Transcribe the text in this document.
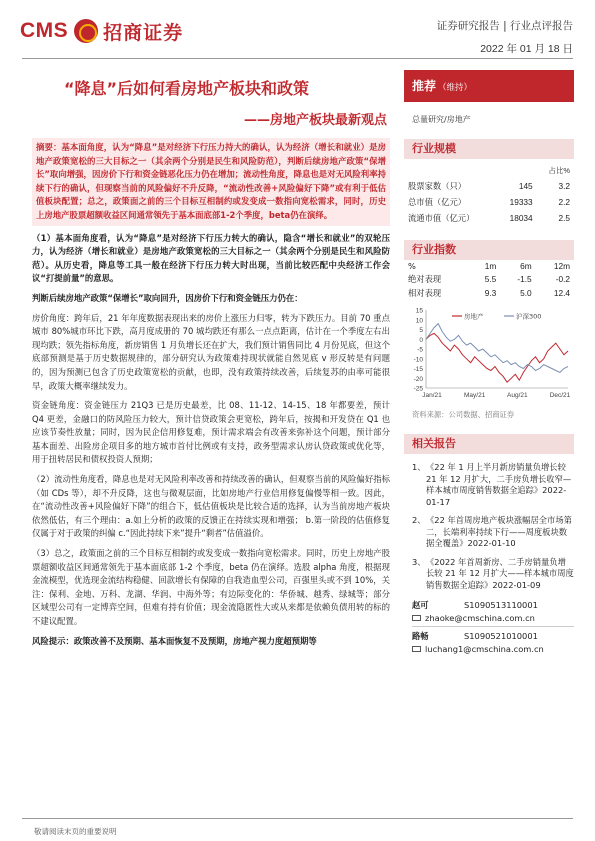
CMS 招商证券	证券研究报告 | 行业点评报告
2022 年 01 月 18 日
“降息”后如何看房地产板块和政策
——房地产板块最新观点
摘要：基本面角度，认为“降息”是对经济下行压力持大的确认，认为经济（增长和就业）是房地产政策宽松的三大目标之一（其余两个分别是民生和风险防范），判断后续房地产政策“保增长”取向增强，因房价下行和资金链恶化压力仍在增加；流动性角度，降息也是对无风险利率持续下行的确认，但现察当前的风险偏好不升反降，“流动性改善+风险偏好下降”或有利于低估值板块配置；总之，政策面之前的三个目标互相制约或发变成一数指向宽松需求，同时，历史上房地产股票超额收益区间通常领先于基本面底部1-2个季度，beta仍在演绎。

（1）基本面角度看，认为“降息”是对经济下行压力转大的确认，隐含“增长和就业”的双轮压力，认为经济（增长和就业）是房地产政策宽松的三大目标之一（其余两个分别是民生和风险防范）。从历史看，降息等工具一般在经济下行压力转大时出现，当前比较匹配中央经济工作会议“打提前量”的意思。

判断后续房地产政策“保增长”取向回升，因房价下行和资金链压力仍在：

房价角度：跨年后，21 年年度数据表现出来的房价上涨压力归零，转为下跌压力。目前 70 重点城市 80%城市环比下跌，高月度成册的 70 城均跌还有那么一点点距离，估计在一个季度左右出现均跌；领先指标角度，新房销售 1 月负增长还在扩大，我们预计销售同比 4 月份见底，但这个底部预测是基于历史数据规律的，部分研究认为政策难持现状就能自然见底 v 形反转是有问题的，因为预测已包含了历史政策宽松的贡献，也即，没有政策持续改善，后续复苏的由率可能很早，政策大概率继续发力。

资金链角度：资金链压力 21Q3 已是历史最差，比 08、11-12、14-15、18 年都要差，预计 Q4 更差，金融口的防风险压力较大，预计信贷政策会更宽松，跨年后，按揭和开发贷在 Q1 也应该节奏性放量；同时，因为民企信用修复难，预计需求端会有改善来弥补这个问题，预计部分基本面差、出险房企项目多的地方城市首付比例或有支持，政务型需求认房认贷政策或优化等，用于扭转居民和债权投资人预期；

（2）流动性角度看，降息也是对无风险利率改善和持续改善的确认，但观察当前的风险偏好指标（如 CDs 等），却不升反降，这也与微观层面，比如房地产行业信用修复偏慢等相一致。因此，在“流动性改善+风险偏好下降”的组合下，低估值板块是比较合适的选择，认为当前房地产板块依然低估，有三个理由：a.如上分析的政策的反馈正在持续实现和增强； b.第一阶段的估值修复仅属于对于政策的纠偏 c.“因此持续下来”提升“剩者”估值溢价。

（3）总之，政策面之前的三个目标互相制约或发变成一数指向宽松需求。同时，历史上房地产股票超额收益区间通常领先于基本面底部 1-2 个季度，beta 仍在演绎。选股 alpha 角度，根据现金流模型，优选现金流结构稳健、回款增长有保障的自我造血型公司，百强里头或不到 10%，关注：保利、金地、万科、龙湖、华润、中海外等；有边际变化的：华侨城、越秀、绿城等；部分区域型公司有一定博弈空间，但难有持有价值；现金流隐匿性大或从来都是依赖负债用转的标的不建议配置。

风险提示：政策改善不及预期、基本面恢复不及预期，房地产视力度超预期等

推荐 （维持）
总量研究/房地产
行业规模
		占比%
股票家数（只）	145	3.2
总市值（亿元）	19333	2.2
流通市值（亿元）	18034	2.5
行业指数
%	1m	6m	12m
绝对表现	5.5	-1.5	-0.2
相对表现	9.3	5.0	12.4
15
10
5
0
-5
-10
-15
-20
-25
Jan/21	May/21	Aug/21	Dec/21
房地产	沪深300
资料来源：公司数据、招商证券
相关报告
1、 《22 年 1 月上半月新房销量负增长较 21 年 12 月扩大，二手房负增长收窄—样本城市周度销售数据全追踪》2022-01-17
2、 《22 年首周房地产板块涨幅居全市场第二，长端利率持续下行——周度板块数据全覆盖》2022-01-10
3、 《2022 年首周新房、二手房销量负增长较 21 年 12 月扩大——样本城市周度销售数据全追踪》2022-01-09
赵可	S1090513110001
zhaoke@cmschina.com.cn
路畅	S1090521010001
luchang1@cmschina.com.cn
敬请阅读末页的重要说明
